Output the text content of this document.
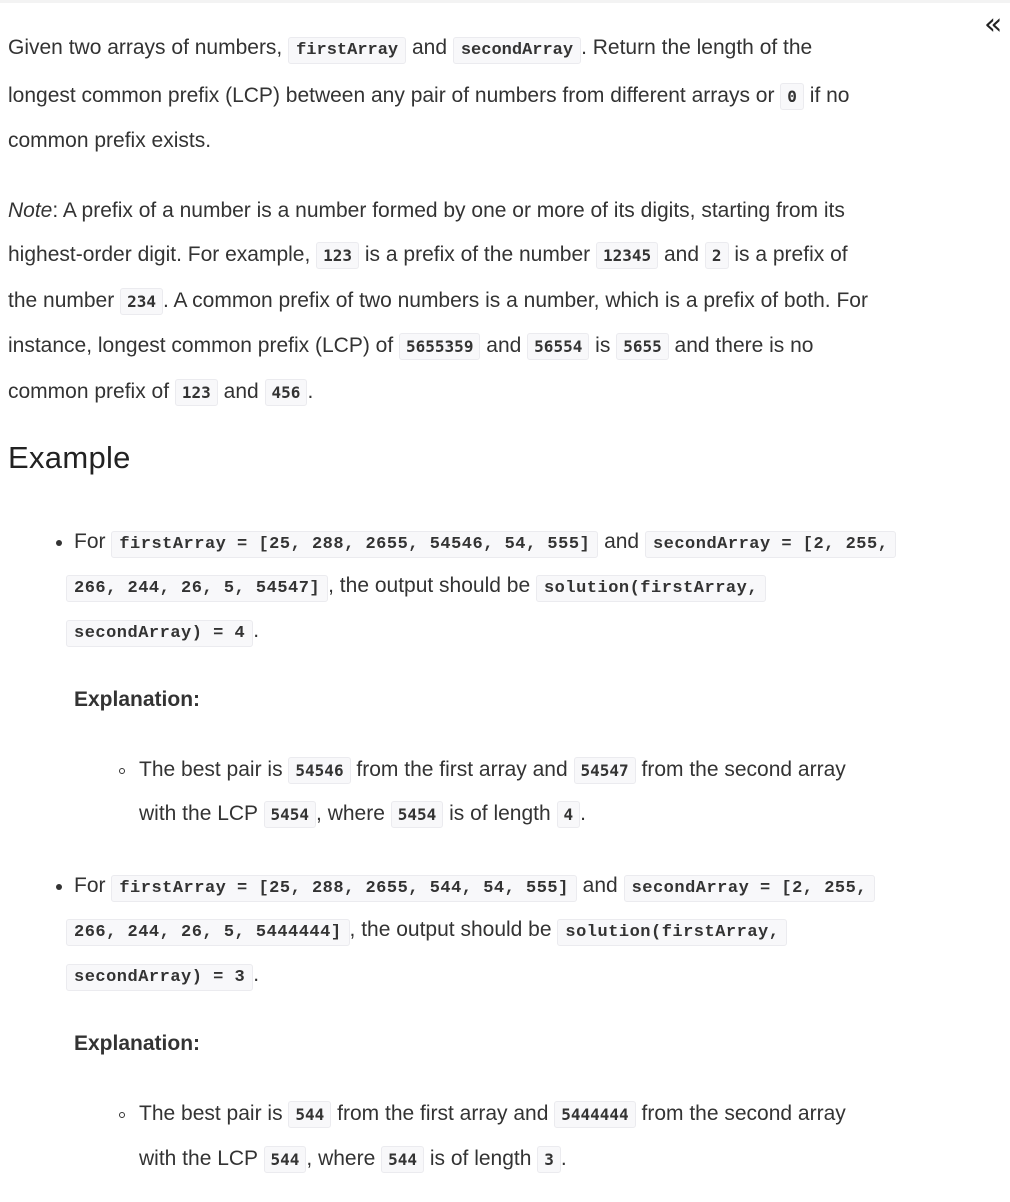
«

Given two arrays of numbers, firstArray and secondArray . Return the length of the
longest common prefix (LCP) between any pair of numbers from different arrays or 0 if no
common prefix exists.

Note: A prefix of a number is a number formed by one or more of its digits, starting from its
highest-order digit. For example, 123 is a prefix of the number 12345 and 2 is a prefix of
the number 234 . A common prefix of two numbers is a number, which is a prefix of both. For
instance, longest common prefix (LCP) of 5655359 and 56554 is 5655 and there is no
common prefix of 123 and 456 .

Example
For firstArray = [25, 288, 2655, 54546, 54, 555] and secondArray = [2, 255,
266, 244, 26, 5, 54547] , the output should be solution(firstArray,
secondArray) = 4 .
Explanation:
The best pair is 54546 from the first array and 54547 from the second array
with the LCP 5454 , where 5454 is of length 4 .
For firstArray = [25, 288, 2655, 544, 54, 555] and secondArray = [2, 255,
266, 244, 26, 5, 5444444] , the output should be solution(firstArray,
secondArray) = 3 .
Explanation:
The best pair is 544 from the first array and 5444444 from the second array
with the LCP 544 , where 544 is of length 3 .
